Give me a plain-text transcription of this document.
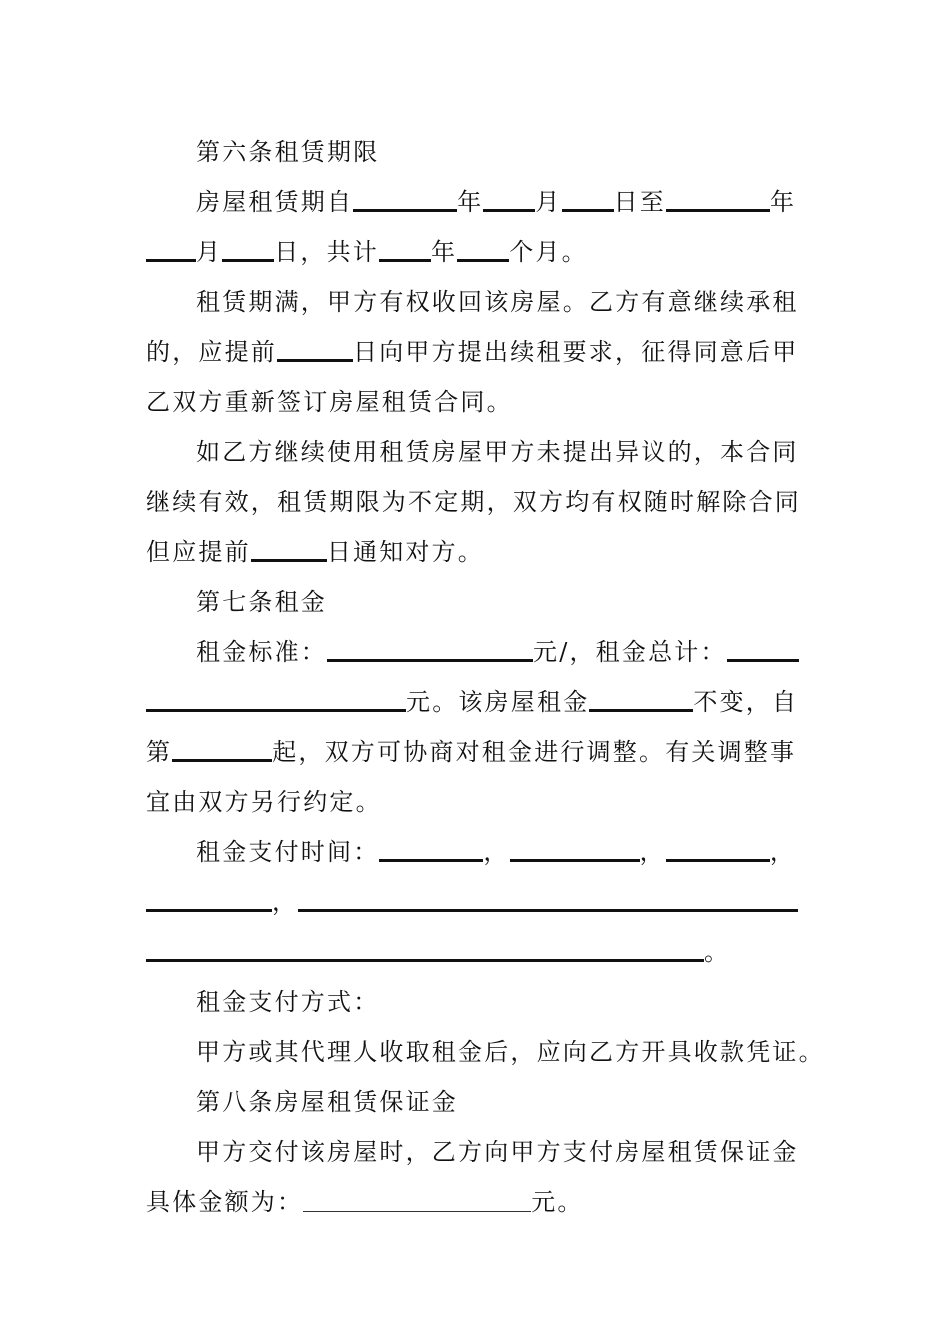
第六条租赁期限
房屋租赁期自	年 月 日至	年
月 日，共计 年 个月。
租赁期满，甲方有权收回该房屋。乙方有意继续承租
的，应提前	日向甲方提出续租要求，征得同意后甲
乙双方重新签订房屋租赁合同。
如乙方继续使用租赁房屋甲方未提出异议的，本合同
继续有效，租赁期限为不定期，双方均有权随时解除合同
但应提前	日通知对方。
第七条租金
租金标准：	元/，租金总计：
元。该房屋租金	不变，自
第	起，双方可协商对租金进行调整。有关调整事
宜由双方另行约定。
租金支付时间：	，	，	，
，
。
租金支付方式：
甲方或其代理人收取租金后，应向乙方开具收款凭证。
第八条房屋租赁保证金
甲方交付该房屋时，乙方向甲方支付房屋租赁保证金
具体金额为：	元。
